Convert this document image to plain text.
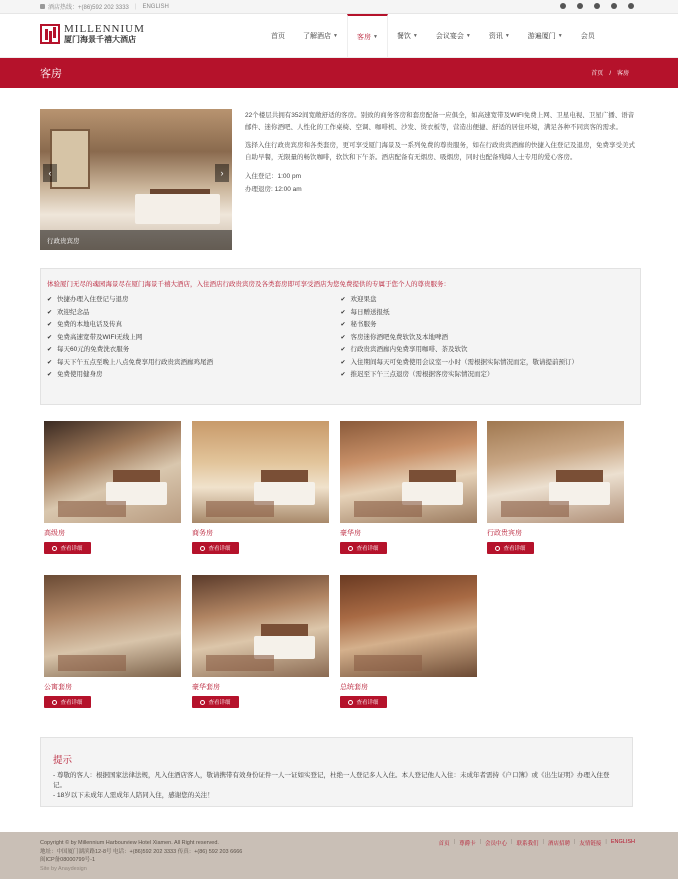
酒店热线：+(86)592 202 3333 | ENGLISH
MILLENNIUM
厦门海景千禧大酒店	首页	了解酒店 ▼	客房 ▼	餐饮 ▼	会议宴会 ▼	资讯 ▼	游遍厦门 ▼	会员
客房	首页 / 客房
‹	›
行政贵宾房

22个楼层共拥有352间宽敞舒适的客房。别致的商务客房和套房配备一应俱全，如高速宽带及WIFI免费上网、卫星电视、卫星广播、语音邮件、迷你酒吧、人性化的工作桌椅、空调、咖啡机、沙发、烫衣板等，营造出便捷、舒适的居住环境，满足各种不同宾客的需求。

选择入住行政贵宾房和各类套房，更可享受厦门海景及一系列免费的尊贵服务，如在行政贵宾酒廊的快捷入住登记及退房，免费享受美式自助早餐，无限量的畅饮咖啡，软饮和下午茶。酒店配备有无烟房、吸烟房，同时也配备残障人士专用的爱心客房。

入住登记：1:00 pm

办理退房: 12:00 am

体验厦门无尽的魂园海景尽在厦门海景千禧大酒店，入住酒店行政贵宾房及各类套房即可享受酒店为您免费提供的专属于您个人的尊贵服务：
✔ 快捷办理入住登记与退房
✔ 欢迎纪念品
✔ 免费的本地电话及传真
✔ 免费高速宽带及WIFI无线上网
✔ 每天60元的免费洗衣服务
✔ 每天下午五点至晚上八点免费享用行政贵宾酒廊鸡尾酒
✔ 免费使用健身房
✔ 欢迎果盘
✔ 每日赠送报纸
✔ 秘书服务
✔ 客房迷你酒吧免费软饮及本地啤酒
✔ 行政贵宾酒廊内免费享用咖啡、茶及软饮
✔ 入住期间每天可免费使用会议室一小时（需根据实际情况而定，敬请提前预订）
✔ 推迟至下午三点退房（需根据客房实际情况而定）
高级房
查看详细
商务房
查看详细
豪华房
查看详细
行政贵宾房
查看详细
公寓套房
查看详细
豪华套房
查看详细
总统套房
查看详细
提示

- 尊敬的客人：根据国家法律法规，凡入住酒店客人，敬请携带有效身份证件一人一证如实登记，杜绝一人登记多人入住。本人登记他人入住：未成年者需持《户口簿》或《出生证明》办理入住登记。

- 18岁以下未成年人需成年人陪同入住，感谢您的关注！

Copyright © by Millennium Harbourview Hotel Xiamen. All Right reserved.
地址：中国厦门湖滨路12-8号 电话：+(86)592 202 3333 传真：+(86) 592 203 6666
闽ICP备08000799号-1
Site by Anaydesign
首页 | 尊爵卡 | 会员中心 | 联系我们 | 酒店招聘 | 友情链接 | ENGLISH
